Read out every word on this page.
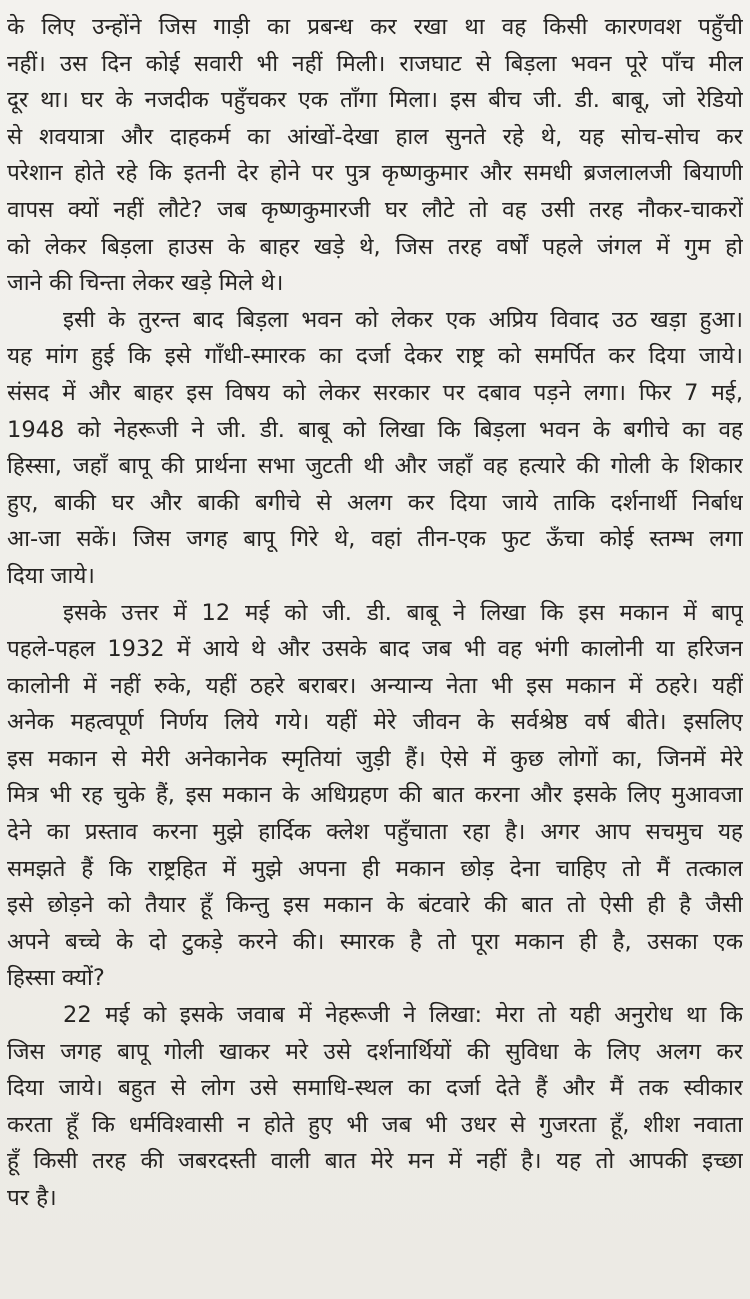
के लिए उन्होंने जिस गाड़ी का प्रबन्ध कर रखा था वह किसी कारणवश पहुँची
नहीं। उस दिन कोई सवारी भी नहीं मिली। राजघाट से बिड़ला भवन पूरे पाँच मील
दूर था। घर के नजदीक पहुँचकर एक ताँगा मिला। इस बीच जी. डी. बाबू, जो रेडियो
से शवयात्रा और दाहकर्म का आंखों-देखा हाल सुनते रहे थे, यह सोच-सोच कर
परेशान होते रहे कि इतनी देर होने पर पुत्र कृष्णकुमार और समधी ब्रजलालजी बियाणी
वापस क्यों नहीं लौटे? जब कृष्णकुमारजी घर लौटे तो वह उसी तरह नौकर-चाकरों
को लेकर बिड़ला हाउस के बाहर खड़े थे, जिस तरह वर्षों पहले जंगल में गुम हो
जाने की चिन्ता लेकर खड़े मिले थे।
इसी के तुरन्त बाद बिड़ला भवन को लेकर एक अप्रिय विवाद उठ खड़ा हुआ।
यह मांग हुई कि इसे गाँधी-स्मारक का दर्जा देकर राष्ट्र को समर्पित कर दिया जाये।
संसद में और बाहर इस विषय को लेकर सरकार पर दबाव पड़ने लगा। फिर 7 मई,
1948 को नेहरूजी ने जी. डी. बाबू को लिखा कि बिड़ला भवन के बगीचे का वह
हिस्सा, जहाँ बापू की प्रार्थना सभा जुटती थी और जहाँ वह हत्यारे की गोली के शिकार
हुए, बाकी घर और बाकी बगीचे से अलग कर दिया जाये ताकि दर्शनार्थी निर्बाध
आ-जा सकें। जिस जगह बापू गिरे थे, वहां तीन-एक फुट ऊँचा कोई स्तम्भ लगा
दिया जाये।
इसके उत्तर में 12 मई को जी. डी. बाबू ने लिखा कि इस मकान में बापू
पहले-पहल 1932 में आये थे और उसके बाद जब भी वह भंगी कालोनी या हरिजन
कालोनी में नहीं रुके, यहीं ठहरे बराबर। अन्यान्य नेता भी इस मकान में ठहरे। यहीं
अनेक महत्वपूर्ण निर्णय लिये गये। यहीं मेरे जीवन के सर्वश्रेष्ठ वर्ष बीते। इसलिए
इस मकान से मेरी अनेकानेक स्मृतियां जुड़ी हैं। ऐसे में कुछ लोगों का, जिनमें मेरे
मित्र भी रह चुके हैं, इस मकान के अधिग्रहण की बात करना और इसके लिए मुआवजा
देने का प्रस्ताव करना मुझे हार्दिक क्लेश पहुँचाता रहा है। अगर आप सचमुच यह
समझते हैं कि राष्ट्रहित में मुझे अपना ही मकान छोड़ देना चाहिए तो मैं तत्काल
इसे छोड़ने को तैयार हूँ किन्तु इस मकान के बंटवारे की बात तो ऐसी ही है जैसी
अपने बच्चे के दो टुकड़े करने की। स्मारक है तो पूरा मकान ही है, उसका एक
हिस्सा क्यों?
22 मई को इसके जवाब में नेहरूजी ने लिखा: मेरा तो यही अनुरोध था कि
जिस जगह बापू गोली खाकर मरे उसे दर्शनार्थियों की सुविधा के लिए अलग कर
दिया जाये। बहुत से लोग उसे समाधि-स्थल का दर्जा देते हैं और मैं तक स्वीकार
करता हूँ कि धर्मविश्वासी न होते हुए भी जब भी उधर से गुजरता हूँ, शीश नवाता
हूँ किसी तरह की जबरदस्ती वाली बात मेरे मन में नहीं है। यह तो आपकी इच्छा
पर है।
